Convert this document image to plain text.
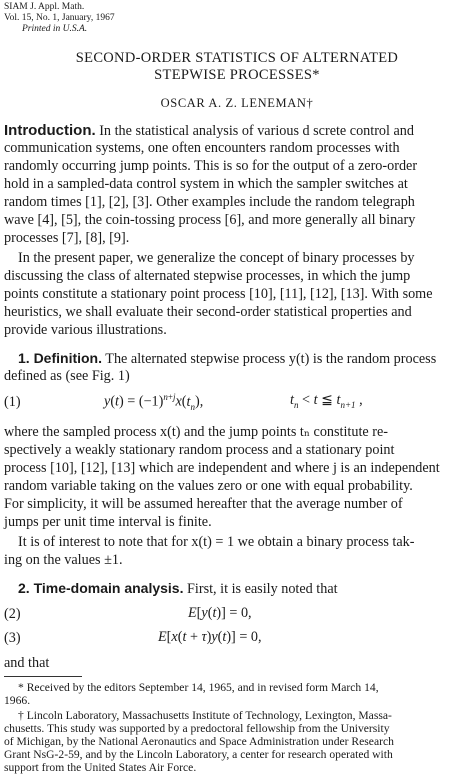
SIAM J. Appl. Math.
Vol. 15, No. 1, January, 1967
Printed in U.S.A.
SECOND-ORDER STATISTICS OF ALTERNATED
STEPWISE PROCESSES*
OSCAR A. Z. LENEMAN†
Introduction. In the statistical analysis of various d screte control and
communication systems, one often encounters random processes with
randomly occurring jump points. This is so for the output of a zero-order
hold in a sampled-data control system in which the sampler switches at
random times [1], [2], [3]. Other examples include the random telegraph
wave [4], [5], the coin-tossing process [6], and more generally all binary
processes [7], [8], [9].
In the present paper, we generalize the concept of binary processes by
discussing the class of alternated stepwise processes, in which the jump
points constitute a stationary point process [10], [11], [12], [13]. With some
heuristics, we shall evaluate their second-order statistical properties and
provide various illustrations.
1. Definition. The alternated stepwise process y(t) is the random process
defined as (see Fig. 1)
(1)	$y(t) = (-1)^{n+j}x(t_n)$,	$t_n < t$ ≦ $t_{n+1}$ ,
where the sampled process x(t) and the jump points tₙ constitute re-
spectively a weakly stationary random process and a stationary point
process [10], [12], [13] which are independent and where j is an independent
random variable taking on the values zero or one with equal probability.
For simplicity, it will be assumed hereafter that the average number of
jumps per unit time interval is finite.
It is of interest to note that for x(t) = 1 we obtain a binary process tak-
ing on the values ±1.
2. Time-domain analysis. First, it is easily noted that
(2)	E[y(t)] = 0,
(3)	E[x(t + τ)y(t)] = 0,
and that
* Received by the editors September 14, 1965, and in revised form March 14,
1966.
† Lincoln Laboratory, Massachusetts Institute of Technology, Lexington, Massa-
chusetts. This study was supported by a predoctoral fellowship from the University
of Michigan, by the National Aeronautics and Space Administration under Research
Grant NsG-2-59, and by the Lincoln Laboratory, a center for research operated with
support from the United States Air Force.
